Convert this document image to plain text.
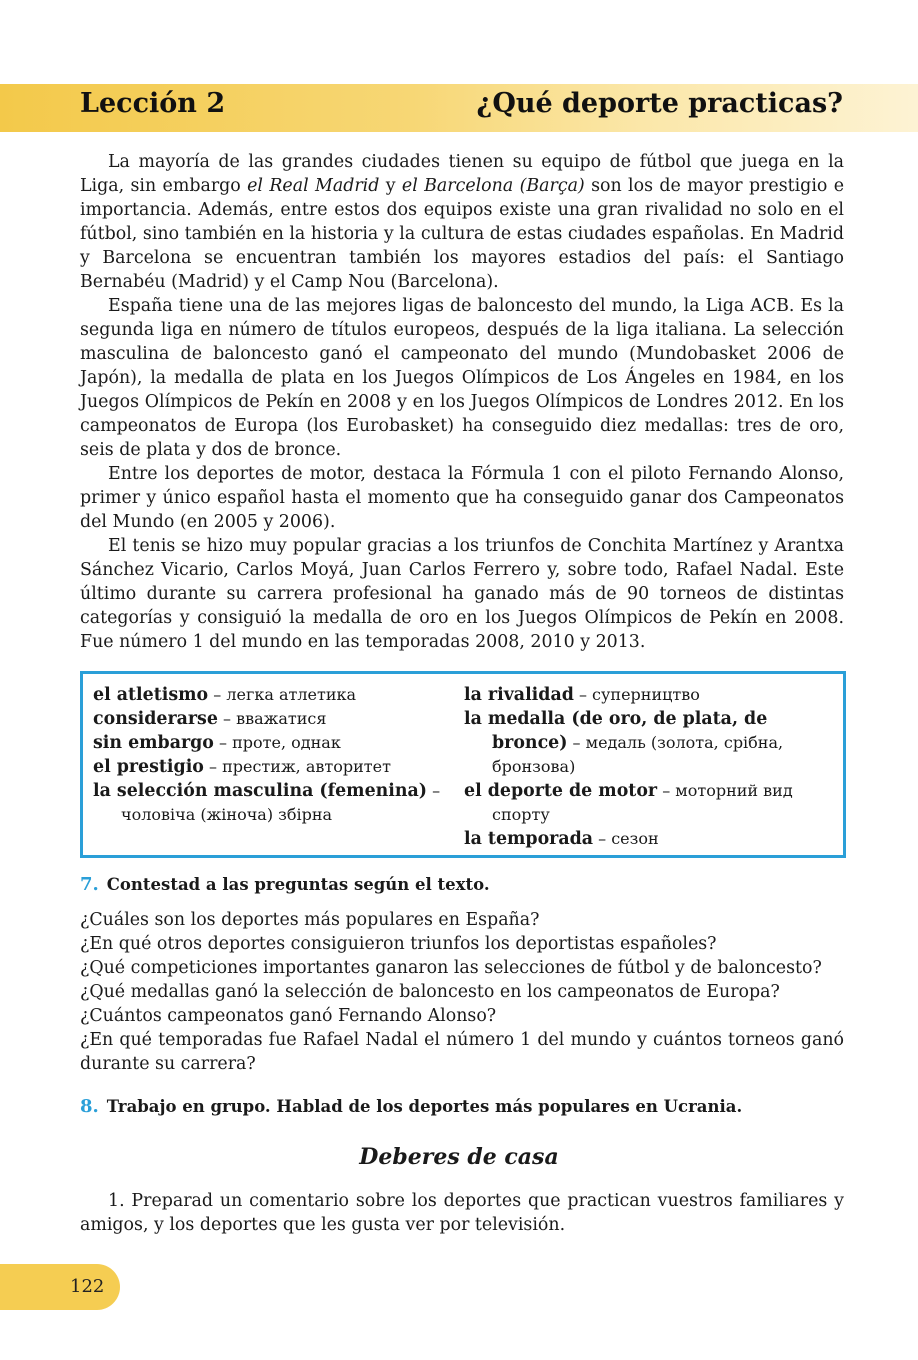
Lección 2	¿Qué deporte practicas?

La mayoría de las grandes ciudades tienen su equipo de fútbol que juega en la Liga, sin embargo el Real Madrid y el Barcelona (Barça) son los de mayor prestigio e importancia. Además, entre estos dos equipos existe una gran rivalidad no solo en el fútbol, sino también en la historia y la cultura de estas ciudades españolas. En Madrid y Barcelona se encuentran también los mayores estadios del país: el Santiago Bernabéu (Madrid) y el Camp Nou (Barcelona).

España tiene una de las mejores ligas de baloncesto del mundo, la Liga ACB. Es la segunda liga en número de títulos europeos, después de la liga italiana. La selección masculina de baloncesto ganó el campeonato del mundo (Mundobasket 2006 de Japón), la medalla de plata en los Juegos Olímpicos de Los Ángeles en 1984, en los Juegos Olímpicos de Pekín en 2008 y en los Juegos Olímpicos de Londres 2012. En los campeonatos de Europa (los Eurobasket) ha conseguido diez medallas: tres de oro, seis de plata y dos de bronce.

Entre los deportes de motor, destaca la Fórmula 1 con el piloto Fernando Alonso, primer y único español hasta el momento que ha conseguido ganar dos Campeonatos del Mundo (en 2005 y 2006).

El tenis se hizo muy popular gracias a los triunfos de Conchita Martínez y Arantxa Sánchez Vicario, Carlos Moyá, Juan Carlos Ferrero y, sobre todo, Rafael Nadal. Este último durante su carrera profesional ha ganado más de 90 torneos de distintas categorías y consiguió la medalla de oro en los Juegos Olímpicos de Pekín en 2008. Fue número 1 del mundo en las temporadas 2008, 2010 y 2013.

el atletismo – легка атлетика
considerarse – вважатися
sin embargo – проте, однак
el prestigio – престиж, авторитет
la selección masculina (femenina) – чоловіча (жіноча) збірна
la rivalidad – суперництво
la medalla (de oro, de plata, de bronce) – медаль (золота, срібна, бронзова)
el deporte de motor – моторний вид спорту
la temporada – сезон
7. Contestad a las preguntas según el texto.

¿Cuáles son los deportes más populares en España?

¿En qué otros deportes consiguieron triunfos los deportistas españoles?

¿Qué competiciones importantes ganaron las selecciones de fútbol y de baloncesto?

¿Qué medallas ganó la selección de baloncesto en los campeonatos de Europa?

¿Cuántos campeonatos ganó Fernando Alonso?

¿En qué temporadas fue Rafael Nadal el número 1 del mundo y cuántos torneos ganó durante su carrera?

8. Trabajo en grupo. Hablad de los deportes más populares en Ucrania.
Deberes de casa

1. Preparad un comentario sobre los deportes que practican vuestros familiares y amigos, y los deportes que les gusta ver por televisión.

122
